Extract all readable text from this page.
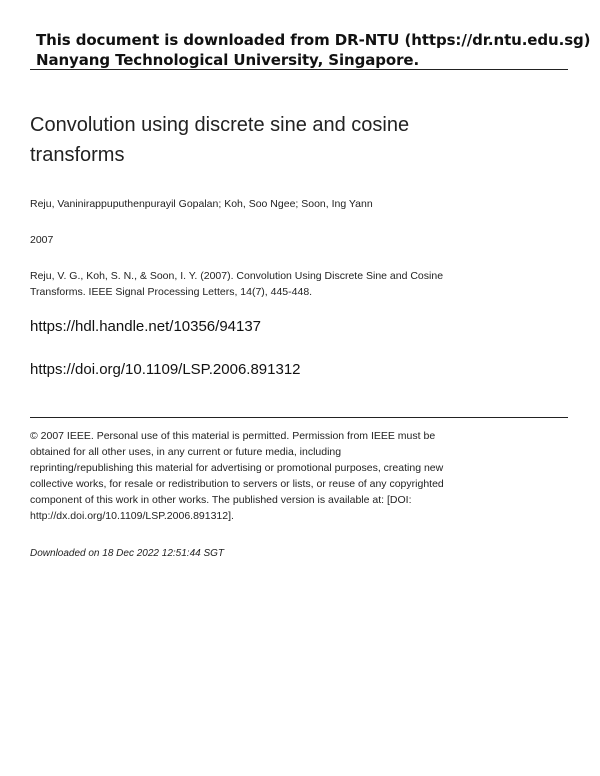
This document is downloaded from DR-NTU (https://dr.ntu.edu.sg)
Nanyang Technological University, Singapore.
Convolution using discrete sine and cosine
transforms
Reju, Vaninirappuputhenpurayil Gopalan; Koh, Soo Ngee; Soon, Ing Yann
2007
Reju, V. G., Koh, S. N., & Soon, I. Y. (2007). Convolution Using Discrete Sine and Cosine
Transforms. IEEE Signal Processing Letters, 14(7), 445-448.
https://hdl.handle.net/10356/94137
https://doi.org/10.1109/LSP.2006.891312
© 2007 IEEE. Personal use of this material is permitted. Permission from IEEE must be
obtained for all other uses, in any current or future media, including
reprinting/republishing this material for advertising or promotional purposes, creating new
collective works, for resale or redistribution to servers or lists, or reuse of any copyrighted
component of this work in other works. The published version is available at: [DOI:
http://dx.doi.org/10.1109/LSP.2006.891312].
Downloaded on 18 Dec 2022 12:51:44 SGT
